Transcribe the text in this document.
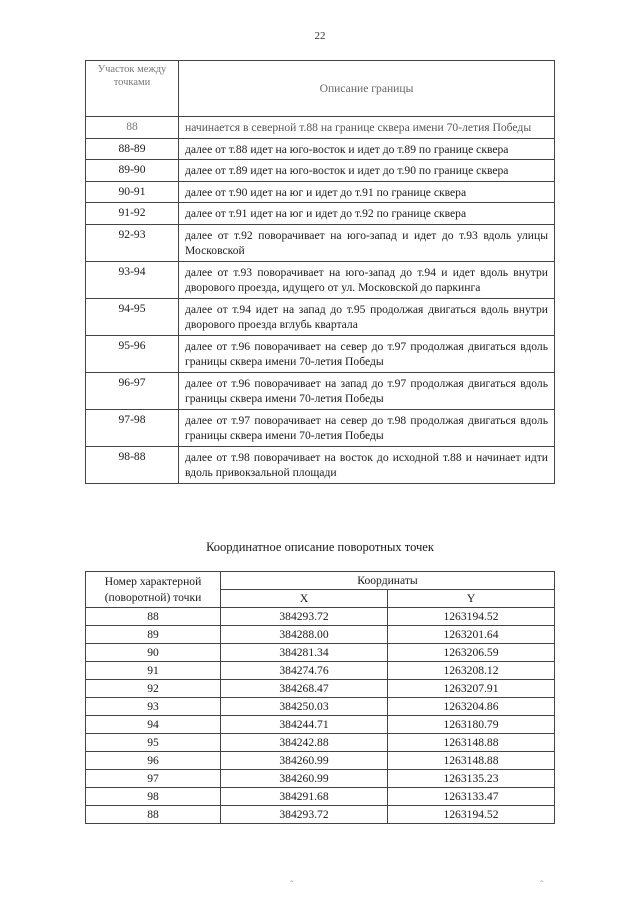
22
Участок между точками	Описание границы
88	начинается в северной т.88 на границе сквера имени 70-летия Победы
88-89	далее от т.88 идет на юго-восток и идет до т.89 по границе сквера
89-90	далее от т.89 идет на юго-восток и идет до т.90 по границе сквера
90-91	далее от т.90 идет на юг и идет до т.91 по границе сквера
91-92	далее от т.91 идет на юг и идет до т.92 по границе сквера
92-93	далее от т.92 поворачивает на юго-запад и идет до т.93 вдоль улицы Московской
93-94	далее от т.93 поворачивает на юго-запад до т.94 и идет вдоль внутри дворового проезда, идущего от ул. Московской до паркинга
94-95	далее от т.94 идет на запад до т.95 продолжая двигаться вдоль внутри дворового проезда вглубь квартала
95-96	далее от т.96 поворачивает на север до т.97 продолжая двигаться вдоль границы сквера имени 70-летия Победы
96-97	далее от т.96 поворачивает на запад до т.97 продолжая двигаться вдоль границы сквера имени 70-летия Победы
97-98	далее от т.97 поворачивает на север до т.98 продолжая двигаться вдоль границы сквера имени 70-летия Победы
98-88	далее от т.98 поворачивает на восток до исходной т.88 и начинает идти вдоль привокзальной площади
Координатное описание поворотных точек
Номер характерной (поворотной) точки	Координаты	
	X	Y
88	384293.72	1263194.52
89	384288.00	1263201.64
90	384281.34	1263206.59
91	384274.76	1263208.12
92	384268.47	1263207.91
93	384250.03	1263204.86
94	384244.71	1263180.79
95	384242.88	1263148.88
96	384260.99	1263148.88
97	384260.99	1263135.23
98	384291.68	1263133.47
88	384293.72	1263194.52
ˆ	ˆ
